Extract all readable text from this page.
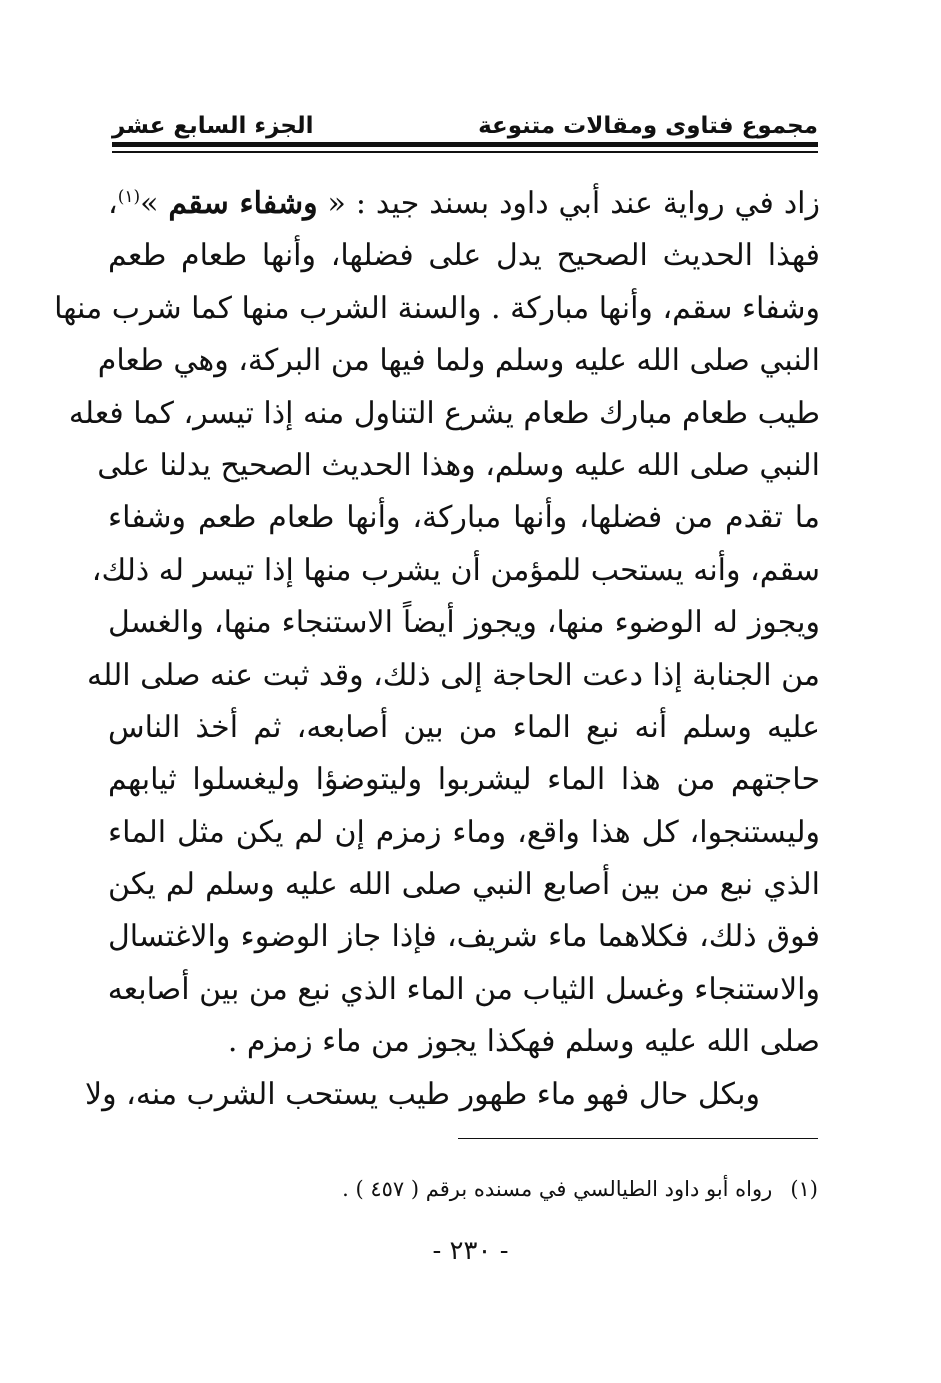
مجموع فتاوى ومقالات متنوعة
الجزء السابع عشر
زاد في رواية عند أبي داود بسند جيد : « وشفاء سقم »$^{(١)}$،
فهذا الحديث الصحيح يدل على فضلها، وأنها طعام طعم
وشفاء سقم، وأنها مباركة . والسنة الشرب منها كما شرب منها
النبي صلى الله عليه وسلم ولما فيها من البركة، وهي طعام
طيب طعام مبارك طعام يشرع التناول منه إذا تيسر، كما فعله
النبي صلى الله عليه وسلم، وهذا الحديث الصحيح يدلنا على
ما تقدم من فضلها، وأنها مباركة، وأنها طعام طعم وشفاء
سقم، وأنه يستحب للمؤمن أن يشرب منها إذا تيسر له ذلك،
ويجوز له الوضوء منها، ويجوز أيضاً الاستنجاء منها، والغسل
من الجنابة إذا دعت الحاجة إلى ذلك، وقد ثبت عنه صلى الله
عليه وسلم أنه نبع الماء من بين أصابعه، ثم أخذ الناس
حاجتهم من هذا الماء ليشربوا وليتوضؤا وليغسلوا ثيابهم
وليستنجوا، كل هذا واقع، وماء زمزم إن لم يكن مثل الماء
الذي نبع من بين أصابع النبي صلى الله عليه وسلم لم يكن
فوق ذلك، فكلاهما ماء شريف، فإذا جاز الوضوء والاغتسال
والاستنجاء وغسل الثياب من الماء الذي نبع من بين أصابعه
صلى الله عليه وسلم فهكذا يجوز من ماء زمزم .
وبكل حال فهو ماء طهور طيب يستحب الشرب منه، ولا
(١)رواه أبو داود الطيالسي في مسنده برقم ( ٤٥٧ ) .
- ٢٣٠ -
